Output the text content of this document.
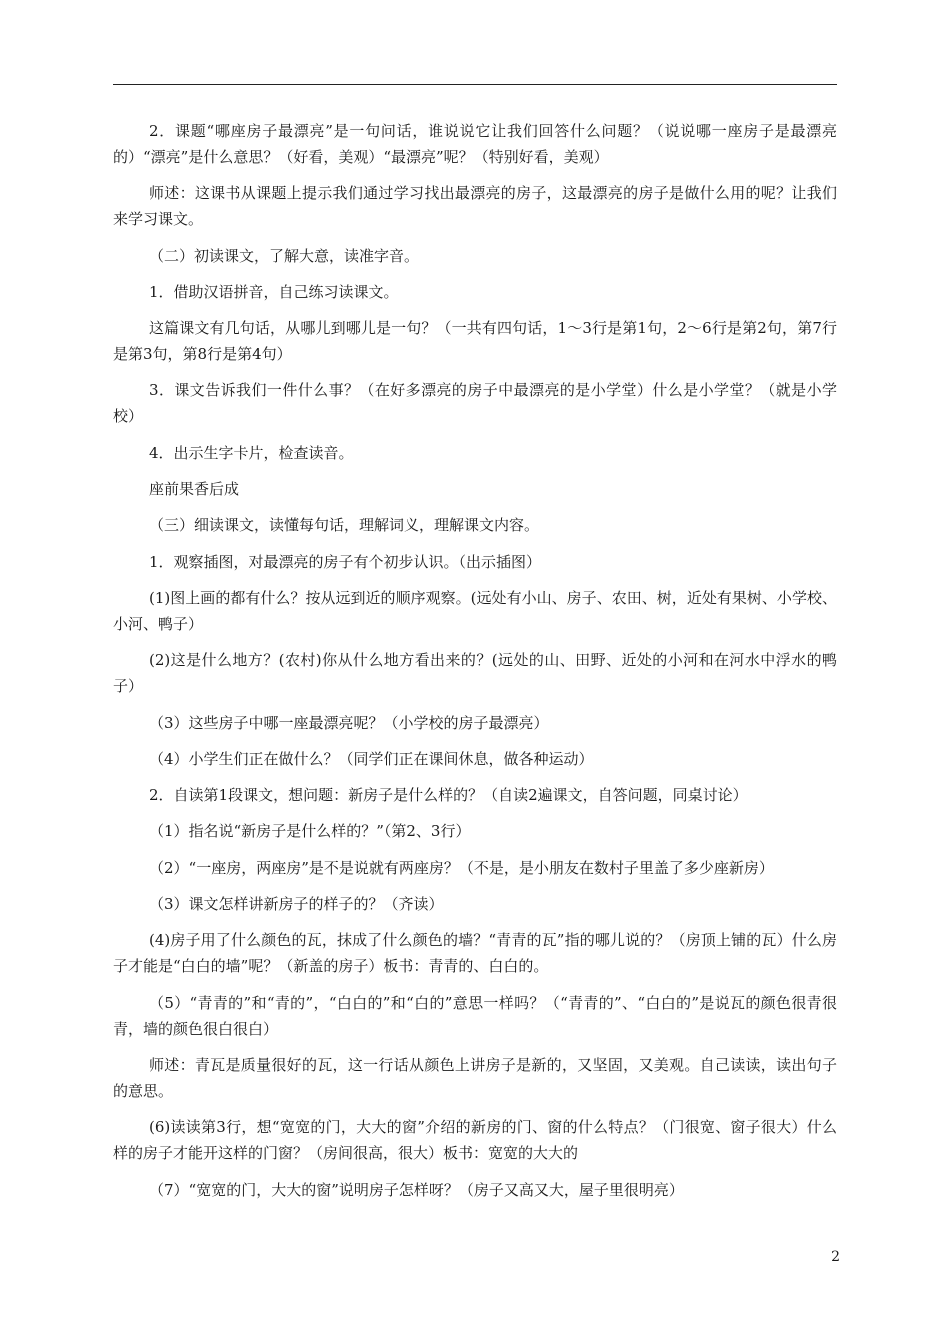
2．课题“哪座房子最漂亮”是一句问话，谁说说它让我们回答什么问题？（说说哪一座房子是最漂亮的）“漂亮”是什么意思？（好看，美观）“最漂亮”呢？（特别好看，美观）

师述：这课书从课题上提示我们通过学习找出最漂亮的房子，这最漂亮的房子是做什么用的呢？让我们来学习课文。

（二）初读课文，了解大意，读准字音。

1．借助汉语拼音，自己练习读课文。

这篇课文有几句话，从哪儿到哪儿是一句？（一共有四句话，1～3行是第1句，2～6行是第2句，第7行是第3句，第8行是第4句）

3．课文告诉我们一件什么事？（在好多漂亮的房子中最漂亮的是小学堂）什么是小学堂？（就是小学校）

4．出示生字卡片，检查读音。

座前果香后成

（三）细读课文，读懂每句话，理解词义，理解课文内容。

1．观察插图，对最漂亮的房子有个初步认识。（出示插图）

(1)图上画的都有什么？按从远到近的顺序观察。(远处有小山、房子、农田、树，近处有果树、小学校、小河、鸭子）

(2)这是什么地方？(农村)你从什么地方看出来的？(远处的山、田野、近处的小河和在河水中浮水的鸭子）

（3）这些房子中哪一座最漂亮呢？（小学校的房子最漂亮）

（4）小学生们正在做什么？（同学们正在课间休息，做各种运动）

2．自读第1段课文，想问题：新房子是什么样的？（自读2遍课文，自答问题，同桌讨论）

（1）指名说“新房子是什么样的？”（第2、3行）

（2）“一座房，两座房”是不是说就有两座房？（不是，是小朋友在数村子里盖了多少座新房）

（3）课文怎样讲新房子的样子的？（齐读）

(4)房子用了什么颜色的瓦，抹成了什么颜色的墙？“青青的瓦”指的哪儿说的？（房顶上铺的瓦）什么房子才能是“白白的墙”呢？（新盖的房子）板书：青青的、白白的。

（5）“青青的”和“青的”，“白白的”和“白的”意思一样吗？（“青青的”、“白白的”是说瓦的颜色很青很青，墙的颜色很白很白）

师述：青瓦是质量很好的瓦，这一行话从颜色上讲房子是新的，又坚固，又美观。自己读读，读出句子的意思。

(6)读读第3行，想“宽宽的门，大大的窗”介绍的新房的门、窗的什么特点？（门很宽、窗子很大）什么样的房子才能开这样的门窗？（房间很高，很大）板书：宽宽的大大的

（7）“宽宽的门，大大的窗”说明房子怎样呀？（房子又高又大，屋子里很明亮）

2
